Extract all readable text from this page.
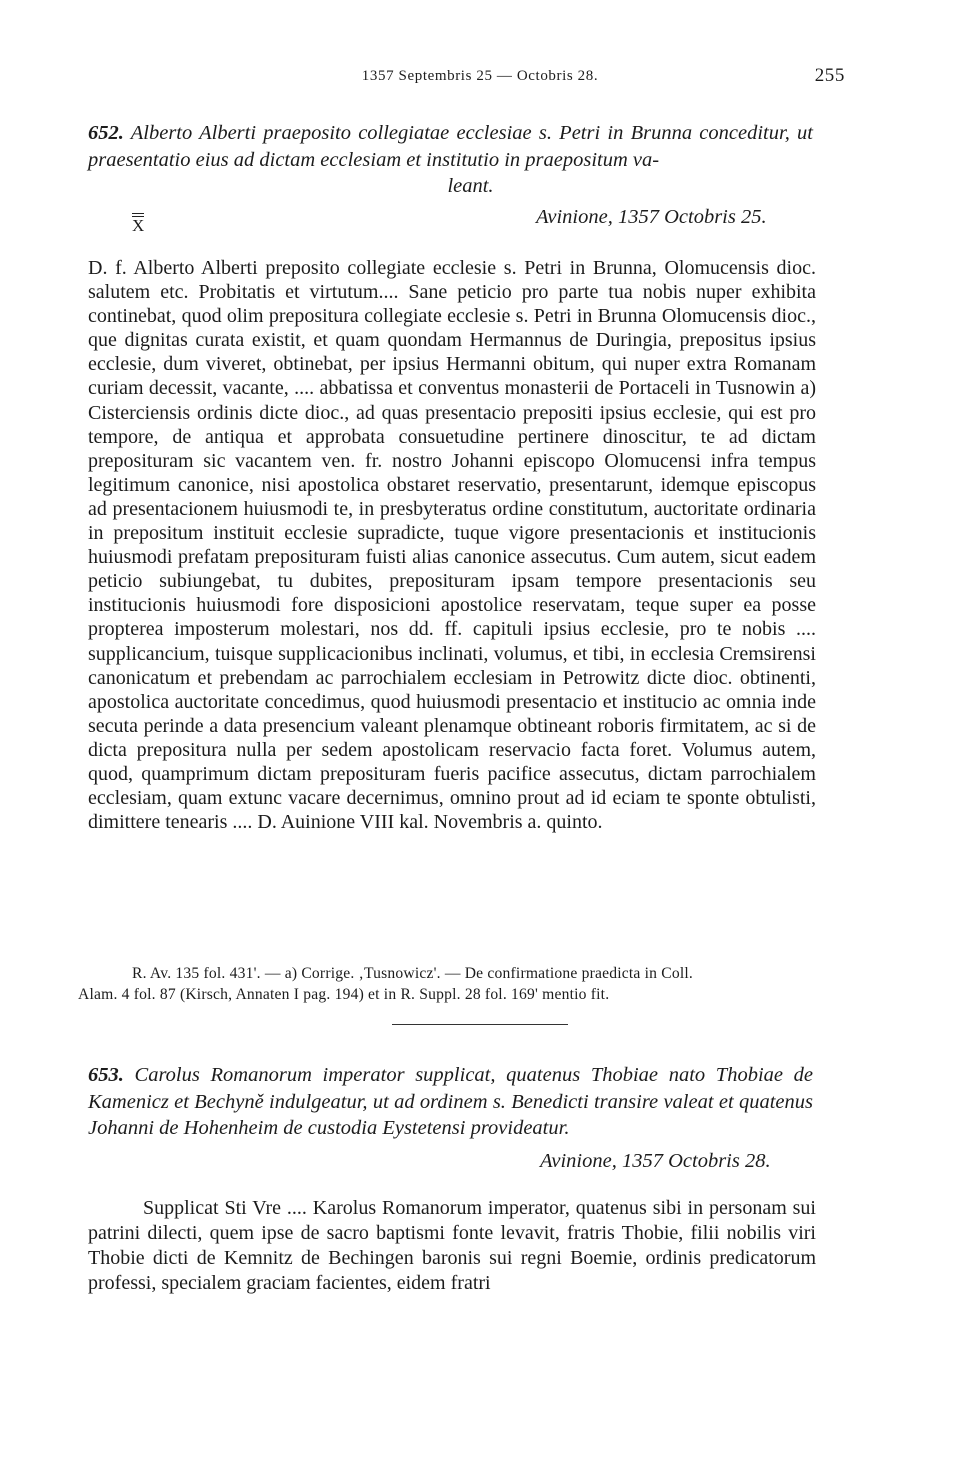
1357 Septembris 25 — Octobris 28.	255
652. Alberto Alberti praeposito collegiatae ecclesiae s. Petri in Brunna conceditur, ut praesentatio eius ad dictam ecclesiam et institutio in praepositum va-
leant.
X	Avinione, 1357 Octobris 25.

D. f. Alberto Alberti preposito collegiate ecclesie s. Petri in Brunna, Olomucensis dioc. salutem etc. Probitatis et virtutum.... Sane peticio pro parte tua nobis nuper exhibita continebat, quod olim prepositura collegiate ecclesie s. Petri in Brunna Olomucensis dioc., que dignitas curata existit, et quam quondam Hermannus de Duringia, prepositus ipsius ecclesie, dum viveret, obtinebat, per ipsius Hermanni obitum, qui nuper extra Romanam curiam decessit, vacante, .... abbatissa et conventus monasterii de Portaceli in Tusnowin a) Cisterciensis ordinis dicte dioc., ad quas presentacio prepositi ipsius ecclesie, qui est pro tempore, de antiqua et approbata consuetudine pertinere dinoscitur, te ad dictam preposituram sic vacantem ven. fr. nostro Johanni episcopo Olomucensi infra tempus legitimum canonice, nisi apostolica obstaret reservatio, presentarunt, idemque episcopus ad presentacionem huiusmodi te, in presbyteratus ordine constitutum, auctoritate ordinaria in prepositum instituit ecclesie supradicte, tuque vigore presentacionis et institucionis huiusmodi prefatam preposituram fuisti alias canonice assecutus. Cum autem, sicut eadem peticio subiungebat, tu dubites, preposituram ipsam tempore presentacionis seu institucionis huiusmodi fore disposicioni apostolice reservatam, teque super ea posse propterea imposterum molestari, nos dd. ff. capituli ipsius ecclesie, pro te nobis .... supplicancium, tuisque supplicacionibus inclinati, volumus, et tibi, in ecclesia Cremsirensi canonicatum et prebendam ac parrochialem ecclesiam in Petrowitz dicte dioc. obtinenti, apostolica auctoritate concedimus, quod huiusmodi presentacio et institucio ac omnia inde secuta perinde a data presencium valeant plenamque obtineant roboris firmitatem, ac si de dicta prepositura nulla per sedem apostolicam reservacio facta foret. Volumus autem, quod, quamprimum dictam preposituram fueris pacifice assecutus, dictam parrochialem ecclesiam, quam extunc vacare decernimus, omnino prout ad id eciam te sponte obtulisti, dimittere tenearis .... D. Auinione VIII kal. Novembris a. quinto.

R. Av. 135 fol. 431'. — a) Corrige. ‚Tusnowicz'. — De confirmatione praedicta in Coll.
Alam. 4 fol. 87 (Kirsch, Annaten I pag. 194) et in R. Suppl. 28 fol. 169' mentio fit.
653. Carolus Romanorum imperator supplicat, quatenus Thobiae nato Thobiae de Kamenicz et Bechyně indulgeatur, ut ad ordinem s. Benedicti transire valeat et quatenus Johanni de Hohenheim de custodia Eystetensi provideatur.
Avinione, 1357 Octobris 28.

Supplicat Sti Vre .... Karolus Romanorum imperator, quatenus sibi in personam sui patrini dilecti, quem ipse de sacro baptismi fonte levavit, fratris Thobie, filii nobilis viri Thobie dicti de Kemnitz de Bechingen baronis sui regni Boemie, ordinis predicatorum professi, specialem graciam facientes, eidem fratri
